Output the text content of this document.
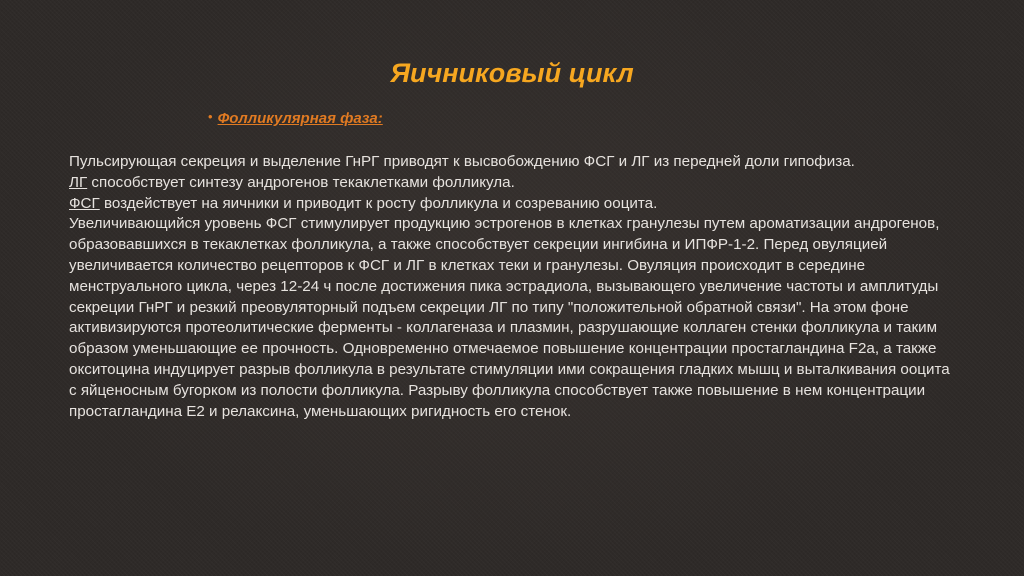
Яичниковый цикл
• Фолликулярная фаза:

Пульсирующая секреция и выделение ГнРГ приводят к высвобождению ФСГ и ЛГ из передней доли гипофиза.

ЛГ способствует синтезу андрогенов текаклетками фолликула.

ФСГ воздействует на яичники и приводит к росту фолликула и созреванию ооцита.

Увеличивающийся уровень ФСГ стимулирует продукцию эстрогенов в клетках гранулезы путем ароматизации андрогенов, образовавшихся в текаклетках фолликула, а также способствует секреции ингибина и ИПФР-1-2. Перед овуляцией увеличивается количество рецепторов к ФСГ и ЛГ в клетках теки и гранулезы. Овуляция происходит в середине менструального цикла, через 12-24 ч после достижения пика эстрадиола, вызывающего увеличение частоты и амплитуды секреции ГнРГ и резкий преовуляторный подъем секреции ЛГ по типу "положительной обратной связи". На этом фоне активизируются протеолитические ферменты - коллагеназа и плазмин, разрушающие коллаген стенки фолликула и таким образом уменьшающие ее прочность. Одновременно отмечаемое повышение концентрации простагландина F2a, а также окситоцина индуцирует разрыв фолликула в результате стимуляции ими сокращения гладких мышц и выталкивания ооцита с яйценосным бугорком из полости фолликула. Разрыву фолликула способствует также повышение в нем концентрации простагландина Е2 и релаксина, уменьшающих ригидность его стенок.
